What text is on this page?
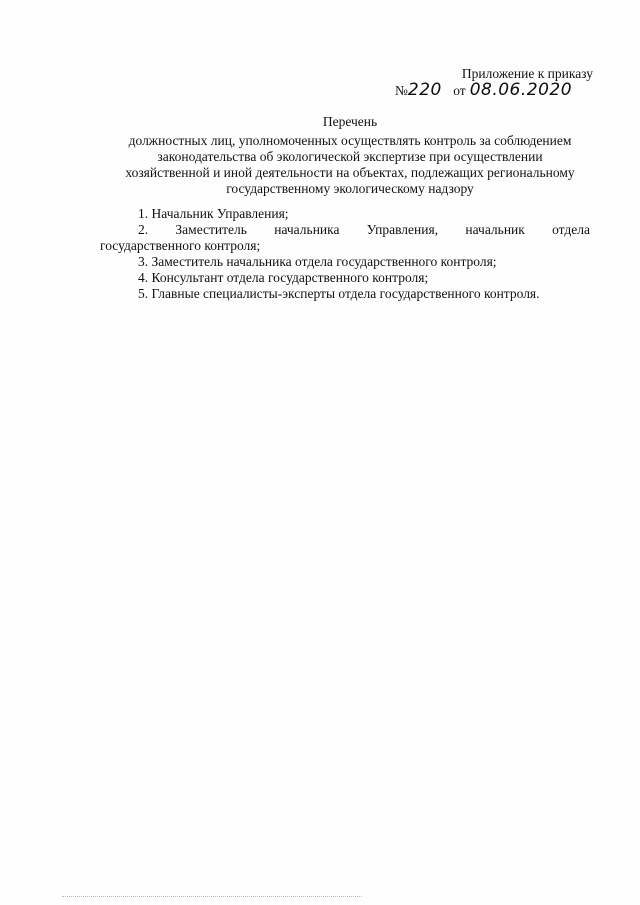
Приложение к приказу
№220 от 08.06.2020
Перечень
должностных лиц, уполномоченных осуществлять контроль за соблюдением
законодательства об экологической экспертизе при осуществлении
хозяйственной и иной деятельности на объектах, подлежащих региональному
государственному экологическому надзору

1. Начальник Управления;

2. Заместитель начальника Управления, начальник отдела
государственного контроля;

3. Заместитель начальника отдела государственного контроля;

4. Консультант отдела государственного контроля;

5. Главные специалисты-эксперты отдела государственного контроля.
